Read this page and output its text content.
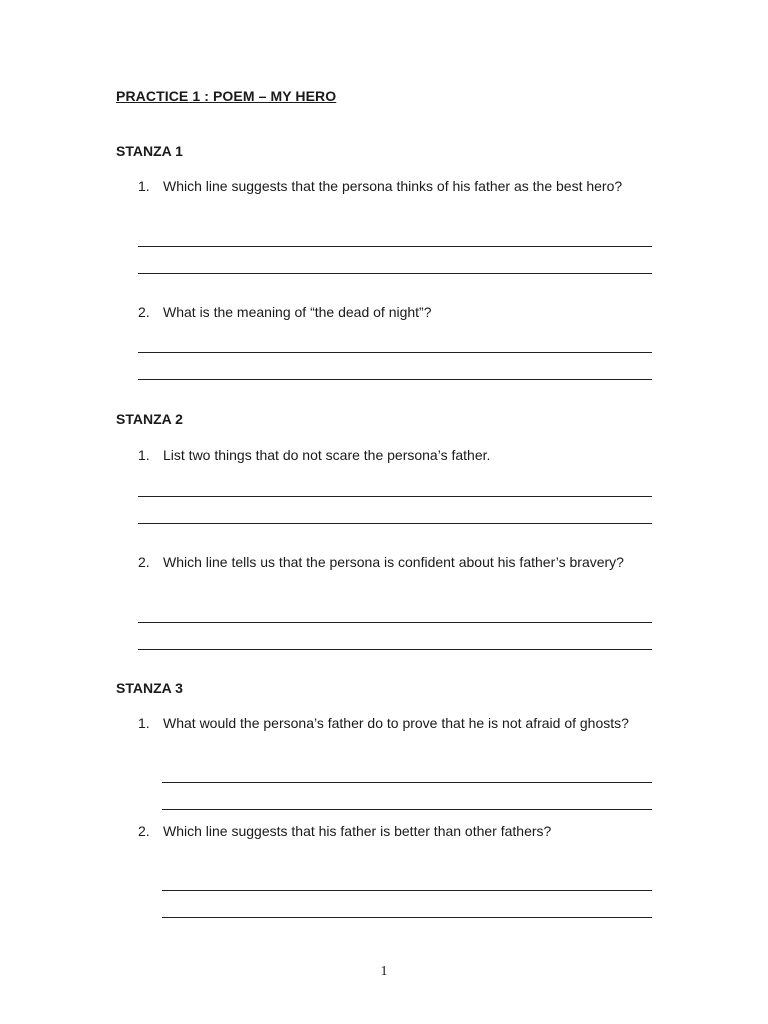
PRACTICE 1 : POEM – MY HERO
STANZA 1
1. Which line suggests that the persona thinks of his father as the best hero?
2. What is the meaning of “the dead of night”?
STANZA 2
1. List two things that do not scare the persona’s father.
2. Which line tells us that the persona is confident about his father’s bravery?
STANZA 3
1. What would the persona’s father do to prove that he is not afraid of ghosts?
2. Which line suggests that his father is better than other fathers?
1
